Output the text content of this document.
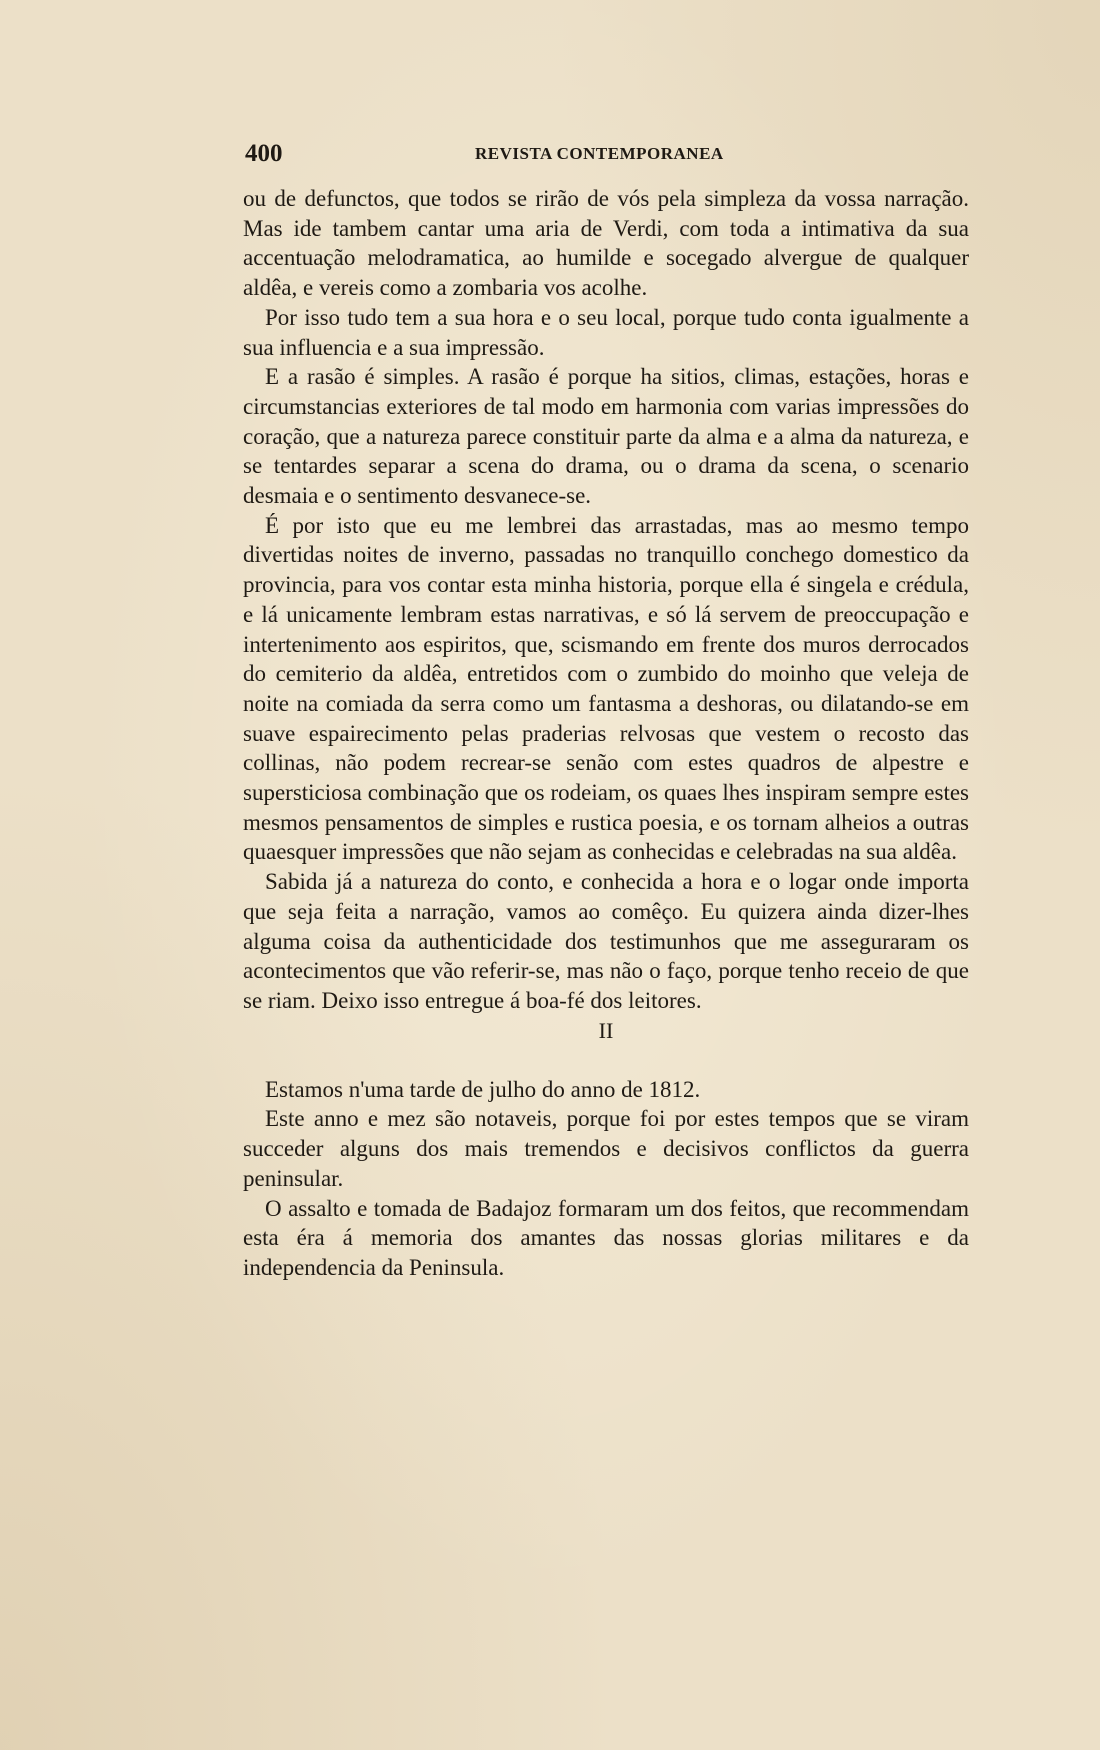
400	REVISTA CONTEMPORANEA

ou de defunctos, que todos se rirão de vós pela simpleza da vossa narração. Mas ide tambem cantar uma aria de Verdi, com toda a intimativa da sua accentuação melodramatica, ao humilde e socegado alvergue de qualquer aldêa, e vereis como a zombaria vos acolhe.

Por isso tudo tem a sua hora e o seu local, porque tudo conta igualmente a sua influencia e a sua impressão.

E a rasão é simples. A rasão é porque ha sitios, climas, estações, horas e circumstancias exteriores de tal modo em harmonia com varias impressões do coração, que a natureza parece constituir parte da alma e a alma da natureza, e se tentardes separar a scena do drama, ou o drama da scena, o scenario desmaia e o sentimento desvanece-se.

É por isto que eu me lembrei das arrastadas, mas ao mesmo tempo divertidas noites de inverno, passadas no tranquillo conchego domestico da provincia, para vos contar esta minha historia, porque ella é singela e crédula, e lá unicamente lembram estas narrativas, e só lá servem de preoccupação e intertenimento aos espiritos, que, scismando em frente dos muros derrocados do cemiterio da aldêa, entretidos com o zumbido do moinho que veleja de noite na comiada da serra como um fantasma a deshoras, ou dilatando-se em suave espairecimento pelas praderias relvosas que vestem o recosto das collinas, não podem recrear-se senão com estes quadros de alpestre e supersticiosa combinação que os rodeiam, os quaes lhes inspiram sempre estes mesmos pensamentos de simples e rustica poesia, e os tornam alheios a outras quaesquer impressões que não sejam as conhecidas e celebradas na sua aldêa.

Sabida já a natureza do conto, e conhecida a hora e o logar onde importa que seja feita a narração, vamos ao comêço. Eu quizera ainda dizer-lhes alguma coisa da authenticidade dos testimunhos que me asseguraram os acontecimentos que vão referir-se, mas não o faço, porque tenho receio de que se riam. Deixo isso entregue á boa-fé dos leitores.

II

Estamos n'uma tarde de julho do anno de 1812.

Este anno e mez são notaveis, porque foi por estes tempos que se viram succeder alguns dos mais tremendos e decisivos conflictos da guerra peninsular.

O assalto e tomada de Badajoz formaram um dos feitos, que recommendam esta éra á memoria dos amantes das nossas glorias militares e da independencia da Peninsula.
